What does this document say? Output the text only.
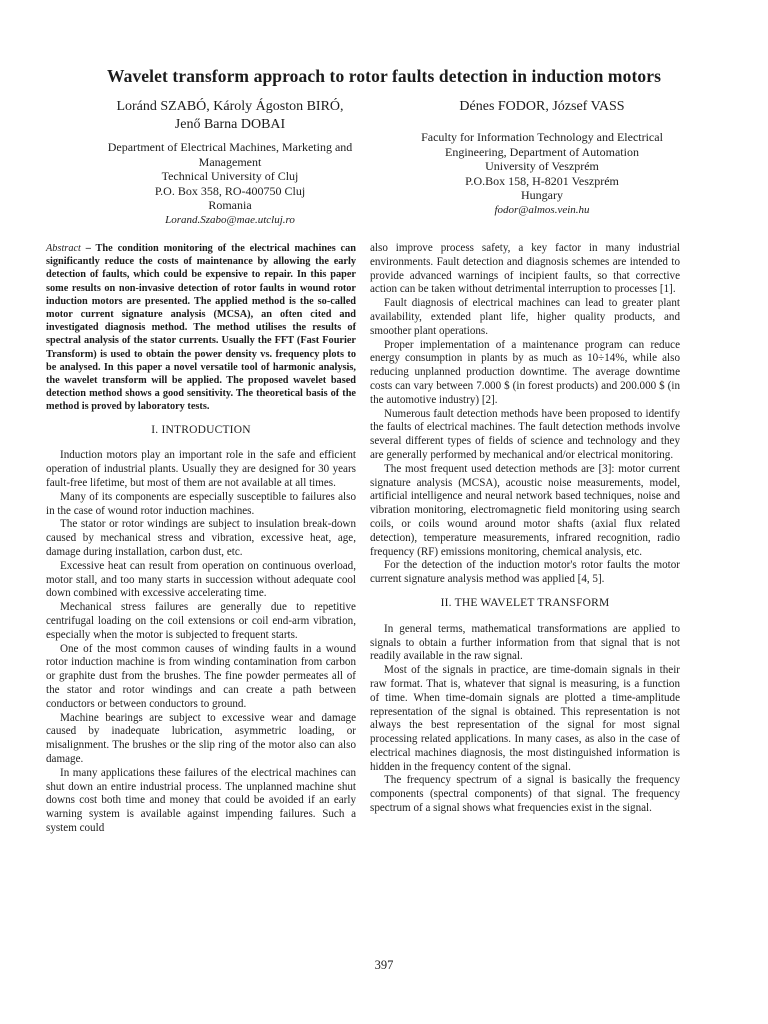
Wavelet transform approach to rotor faults detection in induction motors
Loránd SZABÓ, Károly Ágoston BIRÓ,
Jenő Barna DOBAI
Department of Electrical Machines, Marketing and
Management
Technical University of Cluj
P.O. Box 358, RO-400750 Cluj
Romania
Lorand.Szabo@mae.utcluj.ro
Dénes FODOR, József VASS
Faculty for Information Technology and Electrical
Engineering, Department of Automation
University of Veszprém
P.O.Box 158, H-8201 Veszprém
Hungary
fodor@almos.vein.hu

Abstract – The condition monitoring of the electrical machines can significantly reduce the costs of maintenance by allowing the early detection of faults, which could be expensive to repair. In this paper some results on non-invasive detection of rotor faults in wound rotor induction motors are presented. The applied method is the so-called motor current signature analysis (MCSA), an often cited and investigated diagnosis method. The method utilises the results of spectral analysis of the stator currents. Usually the FFT (Fast Fourier Transform) is used to obtain the power density vs. frequency plots to be analysed. In this paper a novel versatile tool of harmonic analysis, the wavelet transform will be applied. The proposed wavelet based detection method shows a good sensitivity. The theoretical basis of the method is proved by laboratory tests.

I. INTRODUCTION

Induction motors play an important role in the safe and efficient operation of industrial plants. Usually they are designed for 30 years fault-free lifetime, but most of them are not available at all times.

Many of its components are especially susceptible to failures also in the case of wound rotor induction machines.

The stator or rotor windings are subject to insulation break-down caused by mechanical stress and vibration, excessive heat, age, damage during installation, carbon dust, etc.

Excessive heat can result from operation on continuous overload, motor stall, and too many starts in succession without adequate cool down combined with excessive accelerating time.

Mechanical stress failures are generally due to repetitive centrifugal loading on the coil extensions or coil end-arm vibration, especially when the motor is subjected to frequent starts.

One of the most common causes of winding faults in a wound rotor induction machine is from winding contamination from carbon or graphite dust from the brushes. The fine powder permeates all of the stator and rotor windings and can create a path between conductors or between conductors to ground.

Machine bearings are subject to excessive wear and damage caused by inadequate lubrication, asymmetric loading, or misalignment. The brushes or the slip ring of the motor also can also damage.

In many applications these failures of the electrical machines can shut down an entire industrial process. The unplanned machine shut downs cost both time and money that could be avoided if an early warning system is available against impending failures. Such a system could

also improve process safety, a key factor in many industrial environments. Fault detection and diagnosis schemes are intended to provide advanced warnings of incipient faults, so that corrective action can be taken without detrimental interruption to processes [1].

Fault diagnosis of electrical machines can lead to greater plant availability, extended plant life, higher quality products, and smoother plant operations.

Proper implementation of a maintenance program can reduce energy consumption in plants by as much as 10÷14%, while also reducing unplanned production downtime. The average downtime costs can vary between 7.000 $ (in forest products) and 200.000 $ (in the automotive industry) [2].

Numerous fault detection methods have been proposed to identify the faults of electrical machines. The fault detection methods involve several different types of fields of science and technology and they are generally performed by mechanical and/or electrical monitoring.

The most frequent used detection methods are [3]: motor current signature analysis (MCSA), acoustic noise measurements, model, artificial intelligence and neural network based techniques, noise and vibration monitoring, electromagnetic field monitoring using search coils, or coils wound around motor shafts (axial flux related detection), temperature measurements, infrared recognition, radio frequency (RF) emissions monitoring, chemical analysis, etc.

For the detection of the induction motor's rotor faults the motor current signature analysis method was applied [4, 5].

II. THE WAVELET TRANSFORM

In general terms, mathematical transformations are applied to signals to obtain a further information from that signal that is not readily available in the raw signal.

Most of the signals in practice, are time-domain signals in their raw format. That is, whatever that signal is measuring, is a function of time. When time-domain signals are plotted a time-amplitude representation of the signal is obtained. This representation is not always the best representation of the signal for most signal processing related applications. In many cases, as also in the case of electrical machines diagnosis, the most distinguished information is hidden in the frequency content of the signal.

The frequency spectrum of a signal is basically the frequency components (spectral components) of that signal. The frequency spectrum of a signal shows what frequencies exist in the signal.

397
